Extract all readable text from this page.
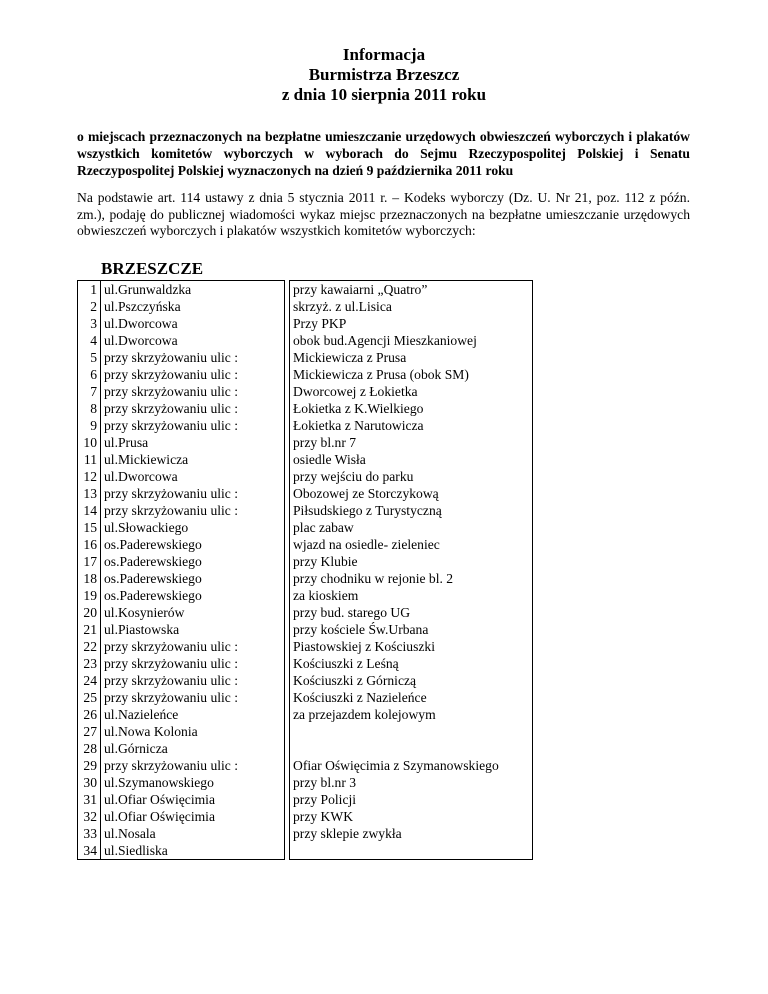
Informacja
Burmistrza Brzeszcz
z dnia 10 sierpnia 2011 roku
o miejscach przeznaczonych na bezpłatne umieszczanie urzędowych obwieszczeń wyborczych i plakatów wszystkich komitetów wyborczych w wyborach do Sejmu Rzeczypospolitej Polskiej i Senatu Rzeczypospolitej Polskiej wyznaczonych na dzień 9 października 2011 roku
Na podstawie art. 114 ustawy z dnia 5 stycznia 2011 r. – Kodeks wyborczy (Dz. U. Nr 21, poz. 112 z późn. zm.), podaję do publicznej wiadomości wykaz miejsc przeznaczonych na bezpłatne umieszczanie urzędowych obwieszczeń wyborczych i plakatów wszystkich komitetów wyborczych:
BRZESZCZE
1	ul.Grunwaldzka		przy kawaiarni „Quatro”
2	ul.Pszczyńska		skrzyż. z ul.Lisica
3	ul.Dworcowa		Przy PKP
4	ul.Dworcowa		obok bud.Agencji Mieszkaniowej
5	przy skrzyżowaniu ulic :		Mickiewicza z Prusa
6	przy skrzyżowaniu ulic :		Mickiewicza z Prusa (obok SM)
7	przy skrzyżowaniu ulic :		Dworcowej z Łokietka
8	przy skrzyżowaniu ulic :		Łokietka z K.Wielkiego
9	przy skrzyżowaniu ulic :		Łokietka z Narutowicza
10	ul.Prusa		przy bl.nr 7
11	ul.Mickiewicza		osiedle Wisła
12	ul.Dworcowa		przy wejściu do parku
13	przy skrzyżowaniu ulic :		Obozowej ze Storczykową
14	przy skrzyżowaniu ulic :		Piłsudskiego z Turystyczną
15	ul.Słowackiego		plac zabaw
16	os.Paderewskiego		wjazd na osiedle- zieleniec
17	os.Paderewskiego		przy Klubie
18	os.Paderewskiego		przy chodniku w rejonie bl. 2
19	os.Paderewskiego		za kioskiem
20	ul.Kosynierów		przy bud. starego UG
21	ul.Piastowska		przy kościele Św.Urbana
22	przy skrzyżowaniu ulic :		Piastowskiej z Kościuszki
23	przy skrzyżowaniu ulic :		Kościuszki z Leśną
24	przy skrzyżowaniu ulic :		Kościuszki z Górniczą
25	przy skrzyżowaniu ulic :		Kościuszki z Nazieleńce
26	ul.Nazieleńce		za przejazdem kolejowym
27	ul.Nowa Kolonia		
28	ul.Górnicza		
29	przy skrzyżowaniu ulic :		Ofiar Oświęcimia z Szymanowskiego
30	ul.Szymanowskiego		przy bl.nr 3
31	ul.Ofiar Oświęcimia		przy Policji
32	ul.Ofiar Oświęcimia		przy KWK
33	ul.Nosala		przy sklepie zwykła
34	ul.Siedliska		
